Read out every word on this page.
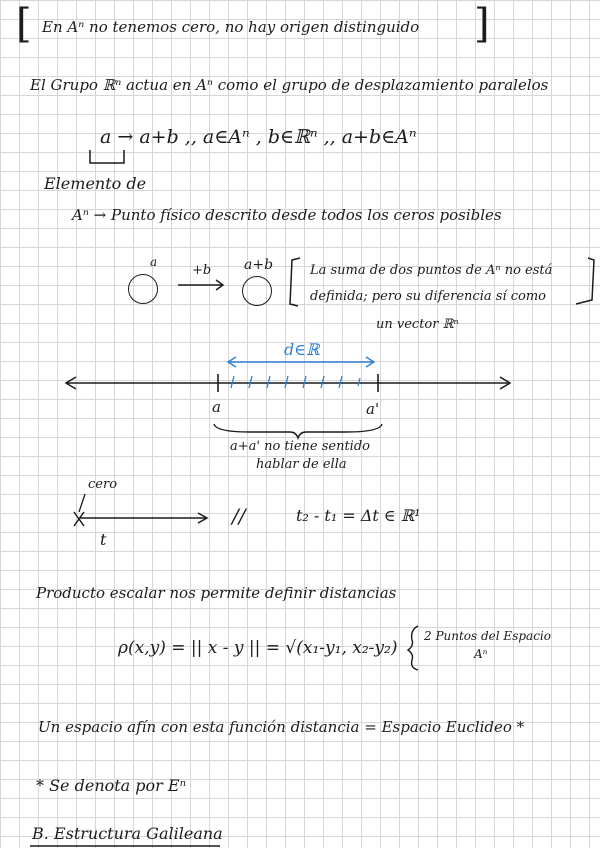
[ En Aⁿ no tenemos cero, no hay origen distinguido ]
El Grupo ℝⁿ actua en Aⁿ como el grupo de desplazamiento paralelos
a → a+b ,, a∈Aⁿ , b∈ℝⁿ ,, a+b∈Aⁿ
Elemento de
Aⁿ → Punto físico descrito desde todos los ceros posibles
a
+b a+b	La suma de dos puntos de Aⁿ no está
definida; pero su diferencia sí como
un vector ℝⁿ
d∈ℝ
a	a'
a+a' no tiene sentido
hablar de ella
cero
t
//	t₂ - t₁ = Δt ∈ ℝ¹
Producto escalar nos permite definir distancias
ρ(x,y) = || x - y || = √(x₁-y₁, x₂-y₂)
2 Puntos del Espacio
Aⁿ
Un espacio afín con esta función distancia = Espacio Euclideo *
* Se denota por Eⁿ
B. Estructura Galileana
